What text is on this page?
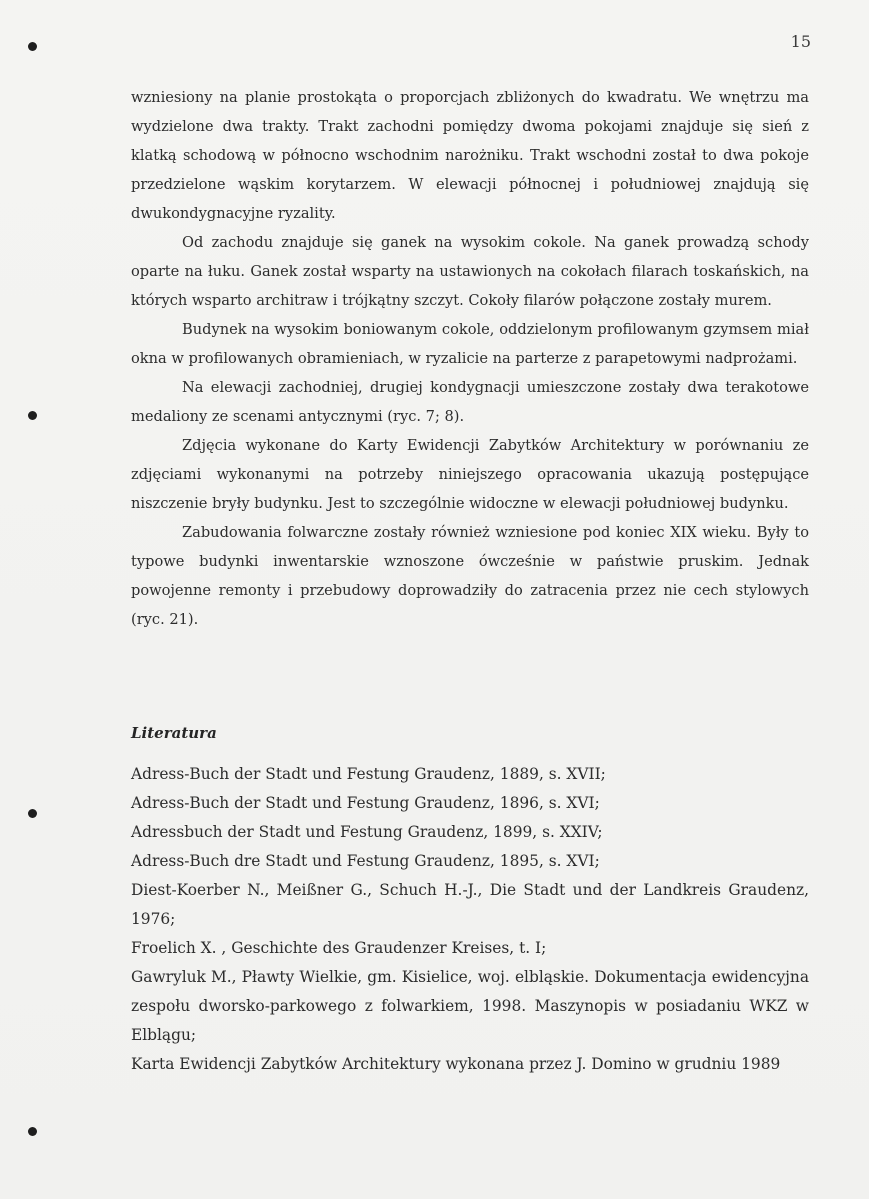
15

wzniesiony na planie prostokąta o proporcjach zbliżonych do kwadratu. We wnętrzu ma wydzielone dwa trakty. Trakt zachodni pomiędzy dwoma pokojami znajduje się sień z klatką schodową w północno wschodnim narożniku. Trakt wschodni został to dwa pokoje przedzielone wąskim korytarzem. W elewacji północnej i południowej znajdują się dwukondygnacyjne ryzality.

Od zachodu znajduje się ganek na wysokim cokole. Na ganek prowadzą schody oparte na łuku. Ganek został wsparty na ustawionych na cokołach filarach toskańskich, na których wsparto architraw i trójkątny szczyt. Cokoły filarów połączone zostały murem.

Budynek na wysokim boniowanym cokole, oddzielonym profilowanym gzymsem miał okna w profilowanych obramieniach, w ryzalicie na parterze z parapetowymi nadprożami.

Na elewacji zachodniej, drugiej kondygnacji umieszczone zostały dwa terakotowe medaliony ze scenami antycznymi (ryc. 7; 8).

Zdjęcia wykonane do Karty Ewidencji Zabytków Architektury w porównaniu ze zdjęciami wykonanymi na potrzeby niniejszego opracowania ukazują postępujące niszczenie bryły budynku. Jest to szczególnie widoczne w elewacji południowej budynku.

Zabudowania folwarczne zostały również wzniesione pod koniec XIX wieku. Były to typowe budynki inwentarskie wznoszone ówcześnie w państwie pruskim. Jednak powojenne remonty i przebudowy doprowadziły do zatracenia przez nie cech stylowych (ryc. 21).

Literatura

Adress-Buch der Stadt und Festung Graudenz, 1889, s. XVII;

Adress-Buch der Stadt und Festung Graudenz, 1896, s. XVI;

Adressbuch der Stadt und Festung Graudenz, 1899, s. XXIV;

Adress-Buch dre Stadt und Festung Graudenz, 1895, s. XVI;

Diest-Koerber N., Meißner G., Schuch H.-J., Die Stadt und der Landkreis Graudenz, 1976;

Froelich X. , Geschichte des Graudenzer Kreises, t. I;

Gawryluk M., Pławty Wielkie, gm. Kisielice, woj. elbląskie. Dokumentacja ewidencyjna zespołu dworsko-parkowego z folwarkiem, 1998. Maszynopis w posiadaniu WKZ w Elblągu;

Karta Ewidencji Zabytków Architektury wykonana przez J. Domino w grudniu 1989
